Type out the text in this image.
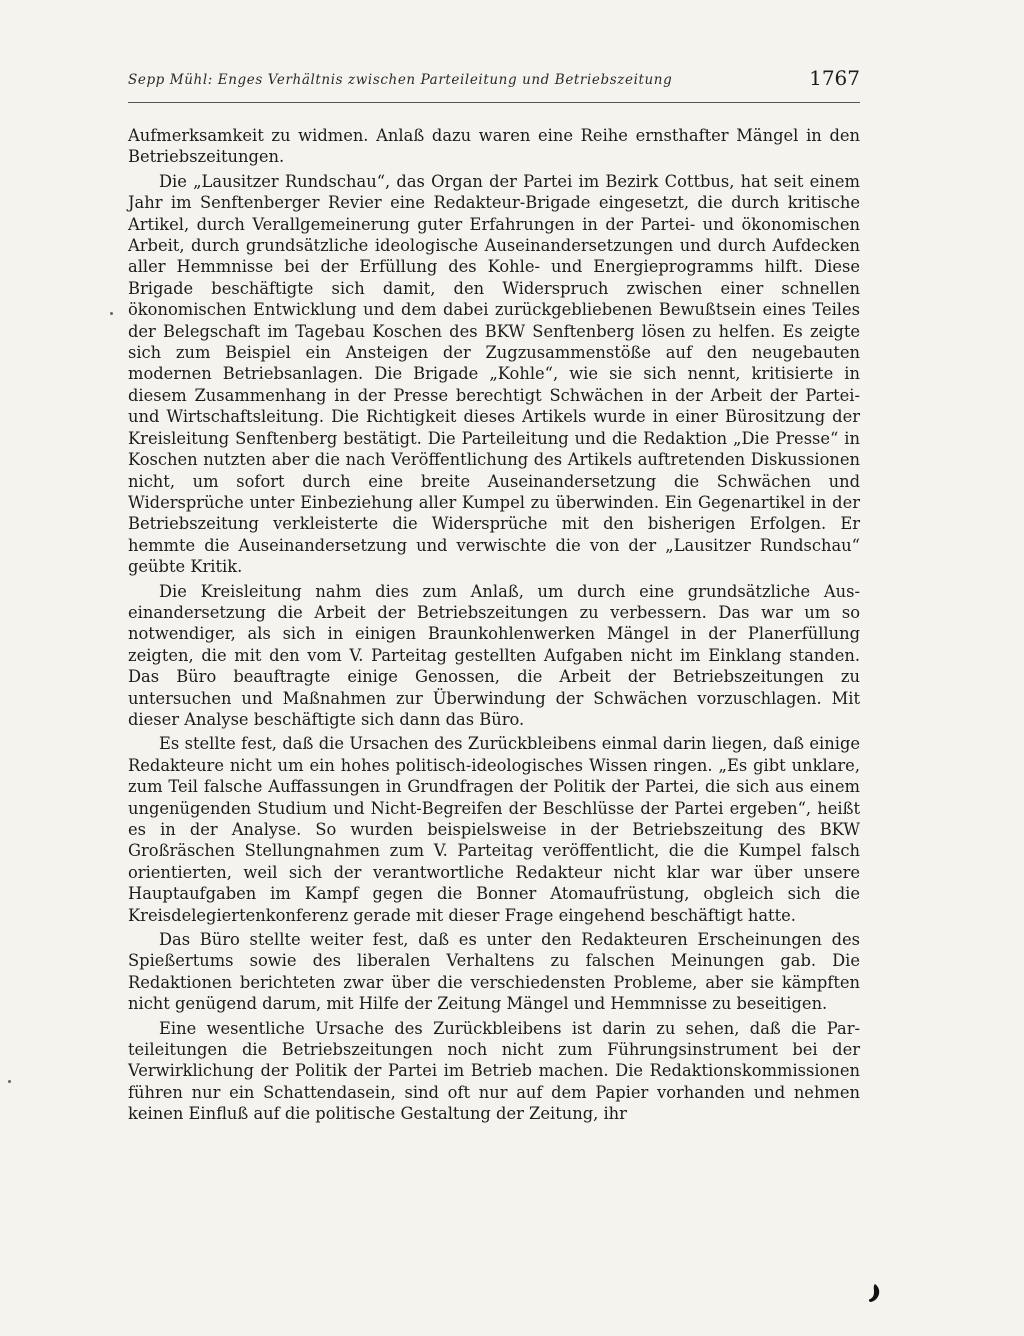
Sepp Mühl: Enges Verhältnis zwischen Parteileitung und Betriebszeitung	1767

Aufmerksamkeit zu widmen. Anlaß dazu waren eine Reihe ernsthafter Mängel in den Betriebszeitungen.

Die „Lausitzer Rundschau“, das Organ der Partei im Bezirk Cottbus, hat seit einem Jahr im Senftenberger Revier eine Redakteur-Brigade eingesetzt, die durch kritische Artikel, durch Verallgemeinerung guter Erfahrungen in der Partei- und ökonomischen Arbeit, durch grundsätzliche ideologische Auseinandersetzungen und durch Aufdecken aller Hemmnisse bei der Erfüllung des Kohle- und Energieprogramms hilft. Diese Brigade beschäftigte sich damit, den Widerspruch zwischen einer schnellen ökonomischen Entwicklung und dem dabei zurückgebliebenen Bewußtsein eines Teiles der Belegschaft im Tagebau Koschen des BKW Senftenberg lösen zu helfen. Es zeigte sich zum Beispiel ein Ansteigen der Zugzusammenstöße auf den neugebauten modernen Betriebsanlagen. Die Brigade „Kohle“, wie sie sich nennt, kritisierte in diesem Zusammenhang in der Presse berechtigt Schwächen in der Arbeit der Partei- und Wirtschaftsleitung. Die Richtigkeit dieses Artikels wurde in einer Bürositzung der Kreisleitung Senftenberg bestätigt. Die Parteileitung und die Redaktion „Die Presse“ in Koschen nutzten aber die nach Veröffentlichung des Artikels auftretenden Diskussionen nicht, um sofort durch eine breite Auseinandersetzung die Schwächen und Widersprüche unter Einbeziehung aller Kumpel zu überwinden. Ein Gegenartikel in der Betriebszeitung verkleisterte die Widersprüche mit den bisherigen Erfolgen. Er hemmte die Auseinandersetzung und verwischte die von der „Lausitzer Rundschau“ geübte Kritik.

Die Kreisleitung nahm dies zum Anlaß, um durch eine grundsätzliche Auseinandersetzung die Arbeit der Betriebszeitungen zu verbessern. Das war um so notwendiger, als sich in einigen Braunkohlenwerken Mängel in der Planerfüllung zeigten, die mit den vom V. Parteitag gestellten Aufgaben nicht im Einklang standen. Das Büro beauftragte einige Genossen, die Arbeit der Betriebszeitungen zu untersuchen und Maßnahmen zur Überwindung der Schwächen vorzuschlagen. Mit dieser Analyse beschäftigte sich dann das Büro.

Es stellte fest, daß die Ursachen des Zurückbleibens einmal darin liegen, daß einige Redakteure nicht um ein hohes politisch-ideologisches Wissen ringen. „Es gibt unklare, zum Teil falsche Auffassungen in Grundfragen der Politik der Partei, die sich aus einem ungenügenden Studium und Nicht-Begreifen der Beschlüsse der Partei ergeben“, heißt es in der Analyse. So wurden beispielsweise in der Betriebszeitung des BKW Großräschen Stellungnahmen zum V. Parteitag veröffentlicht, die die Kumpel falsch orientierten, weil sich der verantwortliche Redakteur nicht klar war über unsere Hauptaufgaben im Kampf gegen die Bonner Atomaufrüstung, obgleich sich die Kreisdelegiertenkonferenz gerade mit dieser Frage eingehend beschäftigt hatte.

Das Büro stellte weiter fest, daß es unter den Redakteuren Erscheinungen des Spießertums sowie des liberalen Verhaltens zu falschen Meinungen gab. Die Redaktionen berichteten zwar über die verschiedensten Probleme, aber sie kämpften nicht genügend darum, mit Hilfe der Zeitung Mängel und Hemmnisse zu beseitigen.

Eine wesentliche Ursache des Zurückbleibens ist darin zu sehen, daß die Parteileitungen die Betriebszeitungen noch nicht zum Führungsinstrument bei der Verwirklichung der Politik der Partei im Betrieb machen. Die Redaktionskommissionen führen nur ein Schattendasein, sind oft nur auf dem Papier vorhanden und nehmen keinen Einfluß auf die politische Gestaltung der Zeitung, ihr
